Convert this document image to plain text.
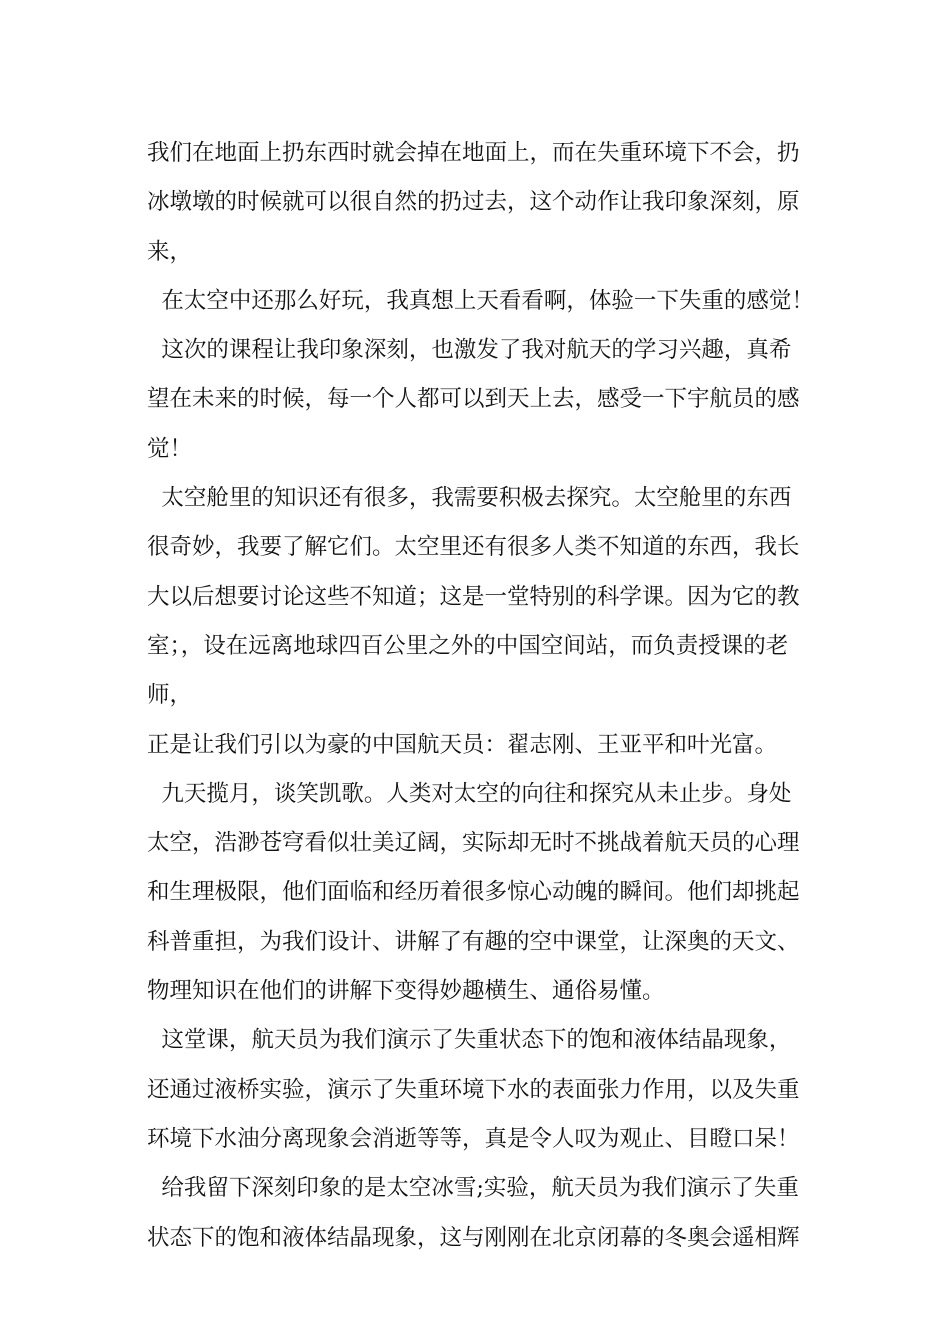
我们在地面上扔东西时就会掉在地面上，而在失重环境下不会，扔
冰墩墩的时候就可以很自然的扔过去，这个动作让我印象深刻，原
来，

在太空中还那么好玩，我真想上天看看啊，体验一下失重的感觉！

这次的课程让我印象深刻，也激发了我对航天的学习兴趣，真希
望在未来的时候，每一个人都可以到天上去，感受一下宇航员的感
觉！

太空舱里的知识还有很多，我需要积极去探究。太空舱里的东西
很奇妙，我要了解它们。太空里还有很多人类不知道的东西，我长
大以后想要讨论这些不知道；这是一堂特别的科学课。因为它的教
室；，设在远离地球四百公里之外的中国空间站，而负责授课的老师，
正是让我们引以为豪的中国航天员：翟志刚、王亚平和叶光富。

九天揽月，谈笑凯歌。人类对太空的向往和探究从未止步。身处
太空，浩渺苍穹看似壮美辽阔，实际却无时不挑战着航天员的心理
和生理极限，他们面临和经历着很多惊心动魄的瞬间。他们却挑起
科普重担，为我们设计、讲解了有趣的空中课堂，让深奥的天文、
物理知识在他们的讲解下变得妙趣横生、通俗易懂。

这堂课，航天员为我们演示了失重状态下的饱和液体结晶现象，
还通过液桥实验，演示了失重环境下水的表面张力作用，以及失重
环境下水油分离现象会消逝等等，真是令人叹为观止、目瞪口呆！

给我留下深刻印象的是太空冰雪;实验，航天员为我们演示了失重
状态下的饱和液体结晶现象，这与刚刚在北京闭幕的冬奥会遥相辉
